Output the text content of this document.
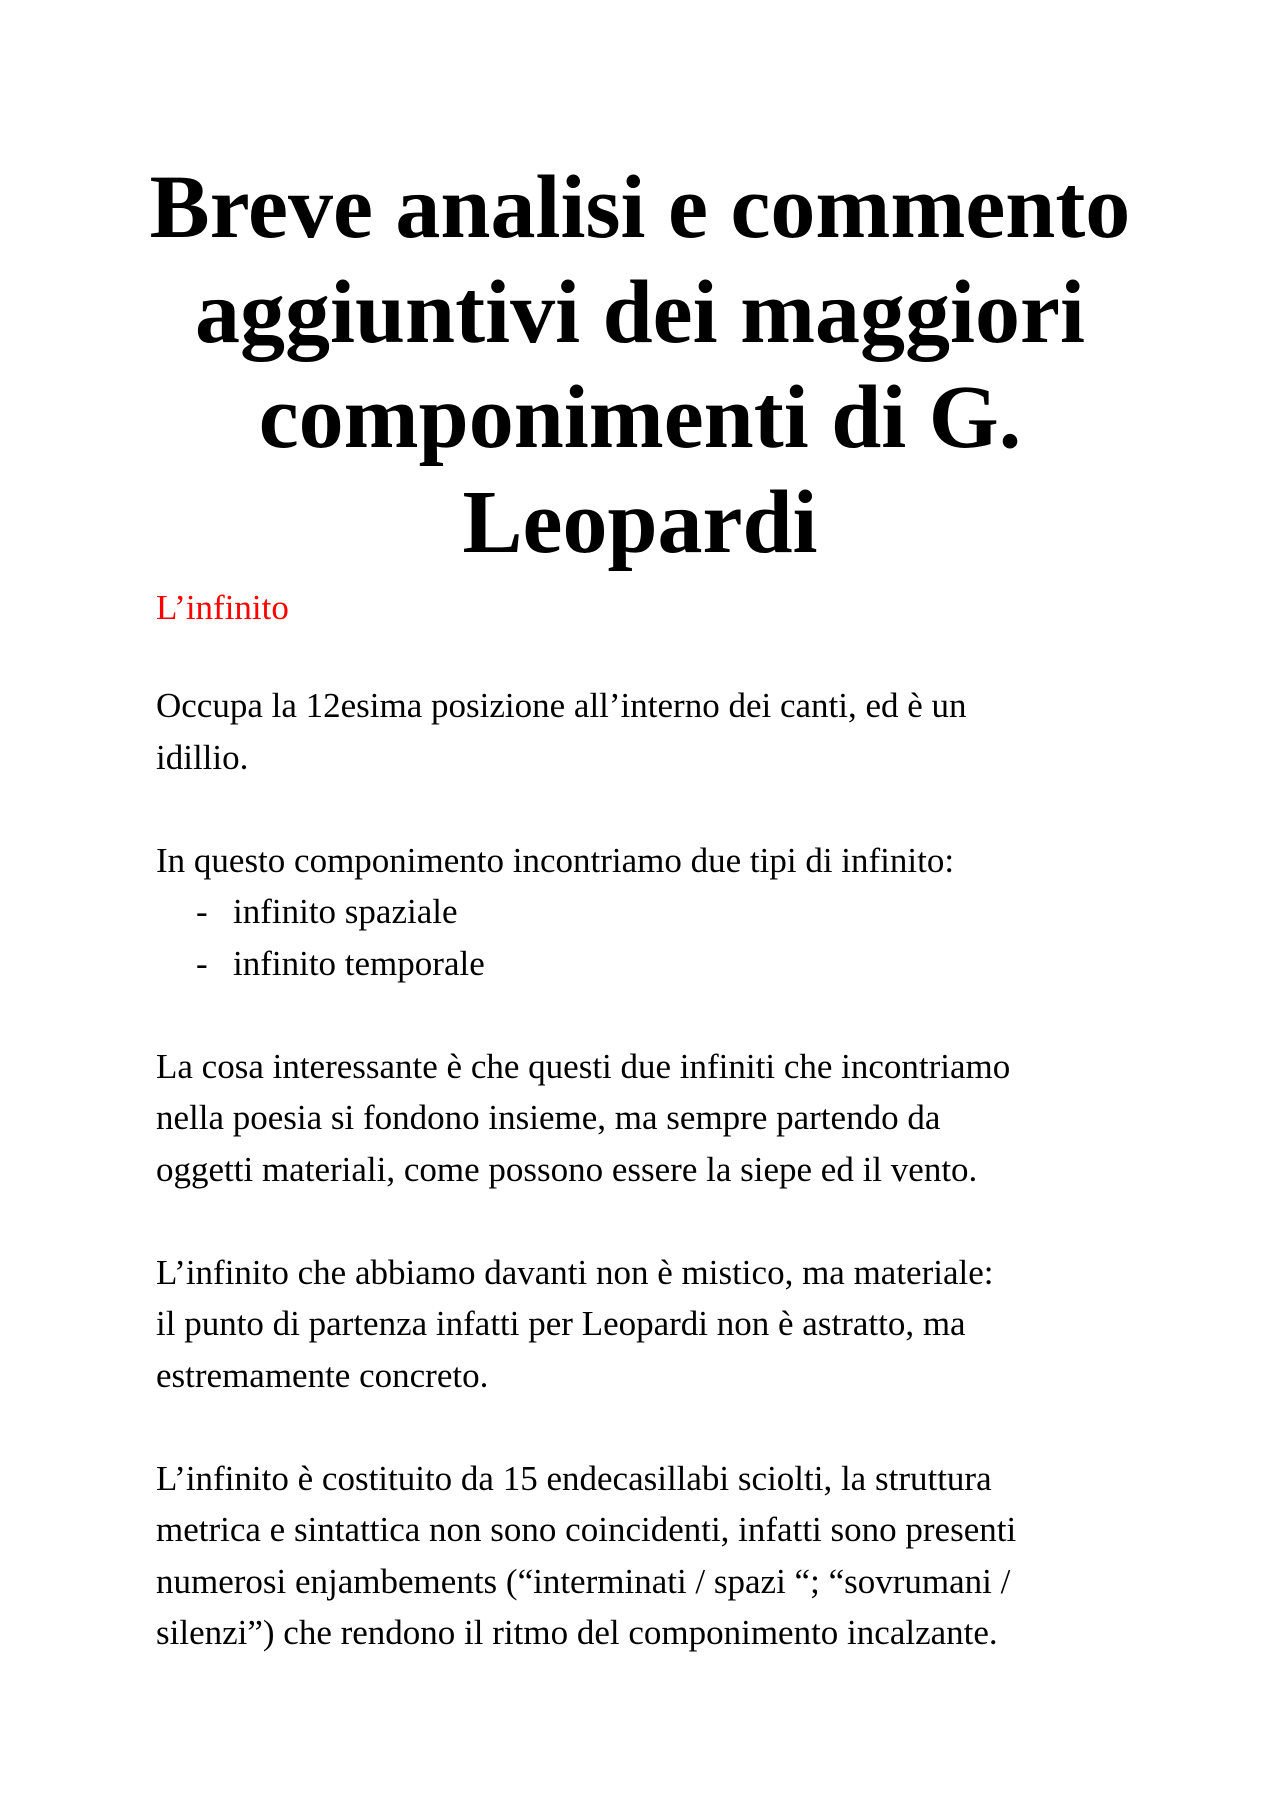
Breve analisi e commento
aggiuntivi dei maggiori
componimenti di G.
Leopardi
L’infinito
Occupa la 12esima posizione all’interno dei canti, ed è un
idillio.
In questo componimento incontriamo due tipi di infinito:
- infinito spaziale
- infinito temporale
La cosa interessante è che questi due infiniti che incontriamo
nella poesia si fondono insieme, ma sempre partendo da
oggetti materiali, come possono essere la siepe ed il vento.
L’infinito che abbiamo davanti non è mistico, ma materiale:
il punto di partenza infatti per Leopardi non è astratto, ma
estremamente concreto.
L’infinito è costituito da 15 endecasillabi sciolti, la struttura
metrica e sintattica non sono coincidenti, infatti sono presenti
numerosi enjambements (“interminati / spazi “; “sovrumani /
silenzi”) che rendono il ritmo del componimento incalzante.
